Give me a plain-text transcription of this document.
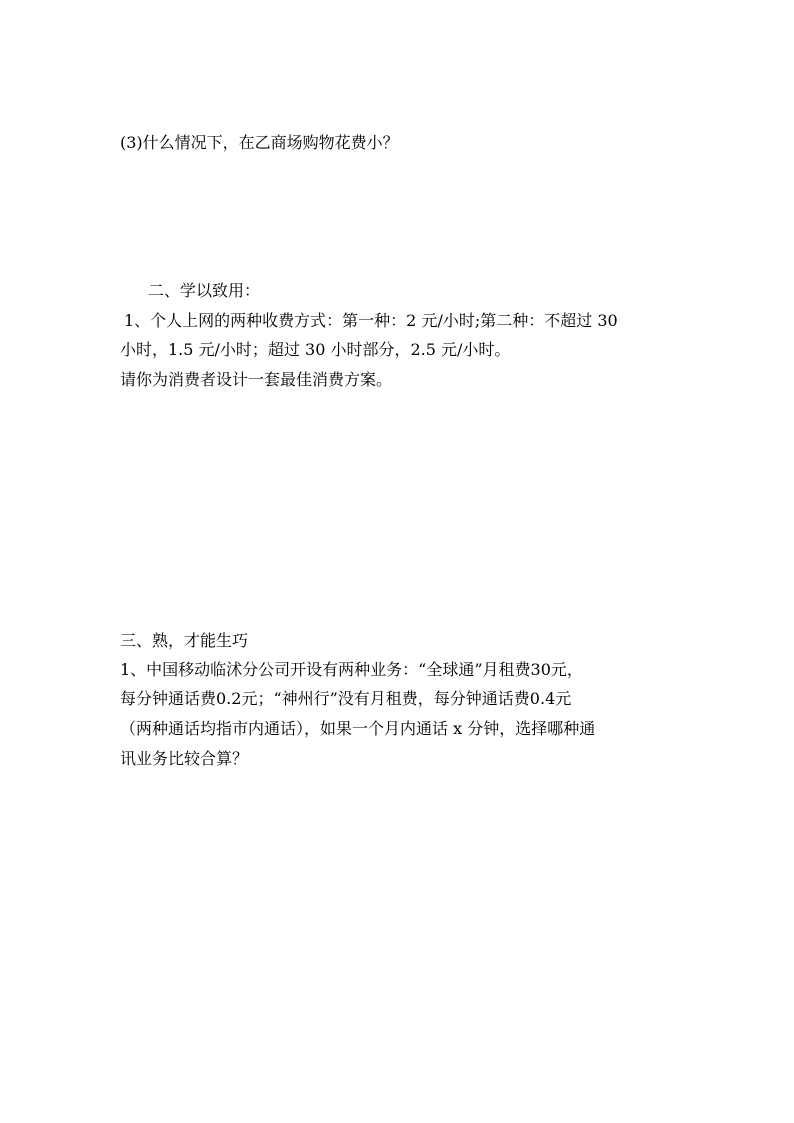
(3)什么情况下，在乙商场购物花费小？
二、学以致用：
1、个人上网的两种收费方式：第一种：2 元/小时;第二种：不超过 30
小时，1.5 元/小时；超过 30 小时部分，2.5 元/小时。
请你为消费者设计一套最佳消费方案。
三、熟，才能生巧
1、中国移动临沭分公司开设有两种业务：“全球通”月租费30元，
每分钟通话费0.2元；“神州行”没有月租费，每分钟通话费0.4元
（两种通话均指市内通话），如果一个月内通话 x 分钟，选择哪种通
讯业务比较合算？
